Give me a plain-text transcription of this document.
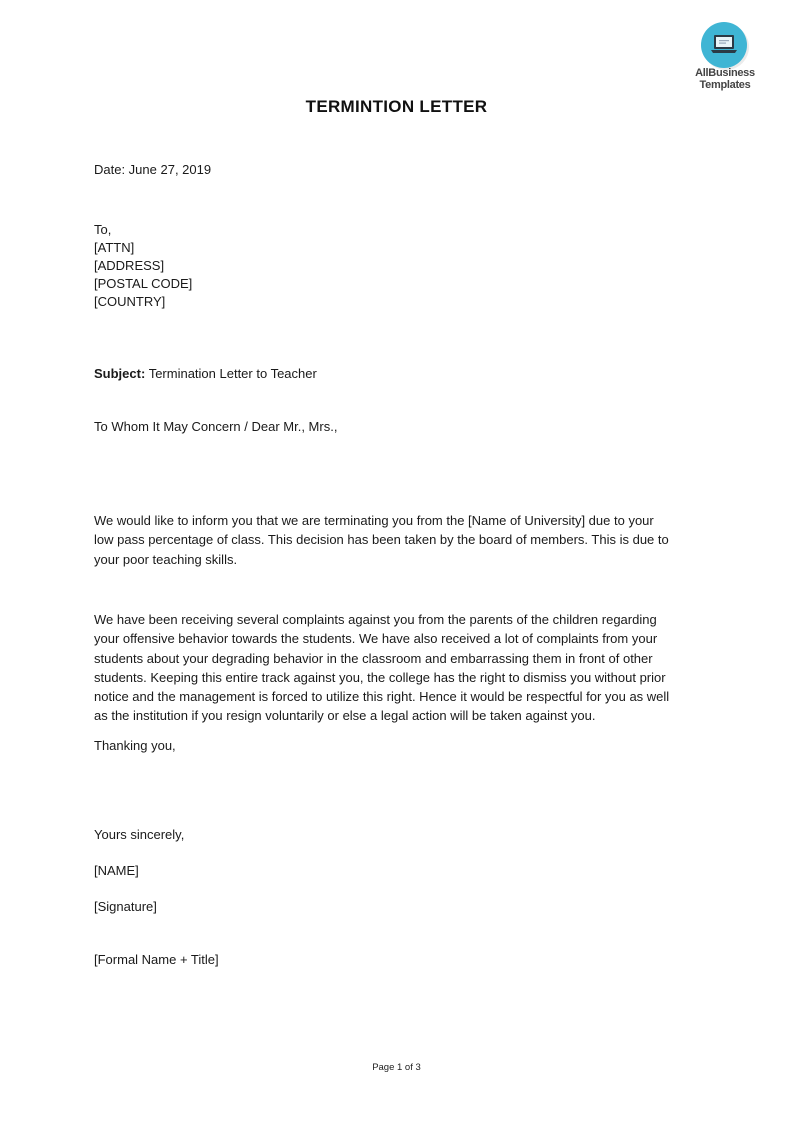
AllBusiness
Templates
TERMINTION LETTER
Date: June 27, 2019
To,
[ATTN]
[ADDRESS]
[POSTAL CODE]
[COUNTRY]
Subject: Termination Letter to Teacher
To Whom It May Concern / Dear Mr., Mrs.,
We would like to inform you that we are terminating you from the [Name of University] due to your
low pass percentage of class. This decision has been taken by the board of members. This is due to
your poor teaching skills.
We have been receiving several complaints against you from the parents of the children regarding
your offensive behavior towards the students. We have also received a lot of complaints from your
students about your degrading behavior in the classroom and embarrassing them in front of other
students. Keeping this entire track against you, the college has the right to dismiss you without prior
notice and the management is forced to utilize this right. Hence it would be respectful for you as well
as the institution if you resign voluntarily or else a legal action will be taken against you.
Thanking you,
Yours sincerely,
[NAME]
[Signature]
[Formal Name + Title]
Page 1 of 3
